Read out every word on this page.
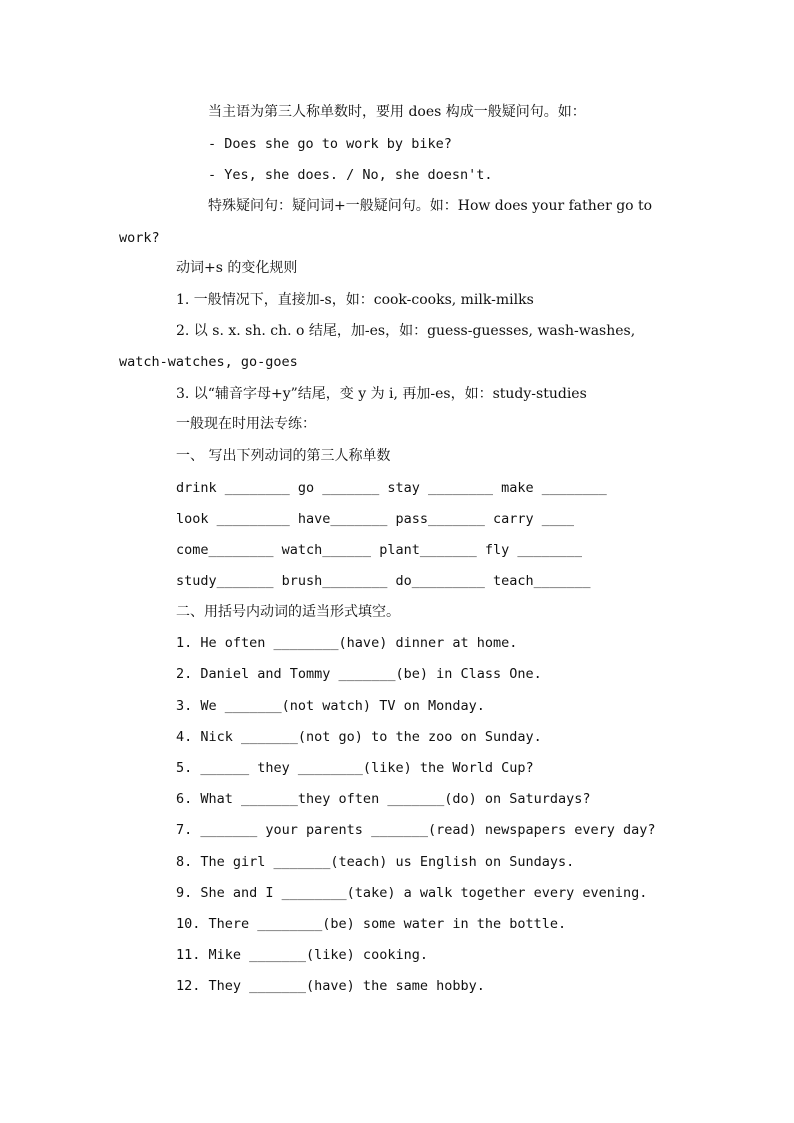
当主语为第三人称单数时，要用 does 构成一般疑问句。如：
- Does she go to work by bike?
- Yes, she does. / No, she doesn't.
特殊疑问句：疑问词+一般疑问句。如：How does your father go to
work?
动词+s 的变化规则
1. 一般情况下，直接加-s，如：cook-cooks, milk-milks
2. 以 s. x. sh. ch. o 结尾，加-es，如：guess-guesses, wash-washes,
watch-watches, go-goes
3. 以“辅音字母+y”结尾，变 y 为 i, 再加-es，如：study-studies
一般现在时用法专练：
一、 写出下列动词的第三人称单数
drink ________ go _______ stay ________ make ________
look _________ have_______ pass_______ carry ____
come________ watch______ plant_______ fly ________
study_______ brush________ do_________ teach_______
二、用括号内动词的适当形式填空。
1. He often ________(have) dinner at home.
2. Daniel and Tommy _______(be) in Class One.
3. We _______(not watch) TV on Monday.
4. Nick _______(not go) to the zoo on Sunday.
5. ______ they ________(like) the World Cup?
6. What _______they often _______(do) on Saturdays?
7. _______ your parents _______(read) newspapers every day?
8. The girl _______(teach) us English on Sundays.
9. She and I ________(take) a walk together every evening.
10. There ________(be) some water in the bottle.
11. Mike _______(like) cooking.
12. They _______(have) the same hobby.
